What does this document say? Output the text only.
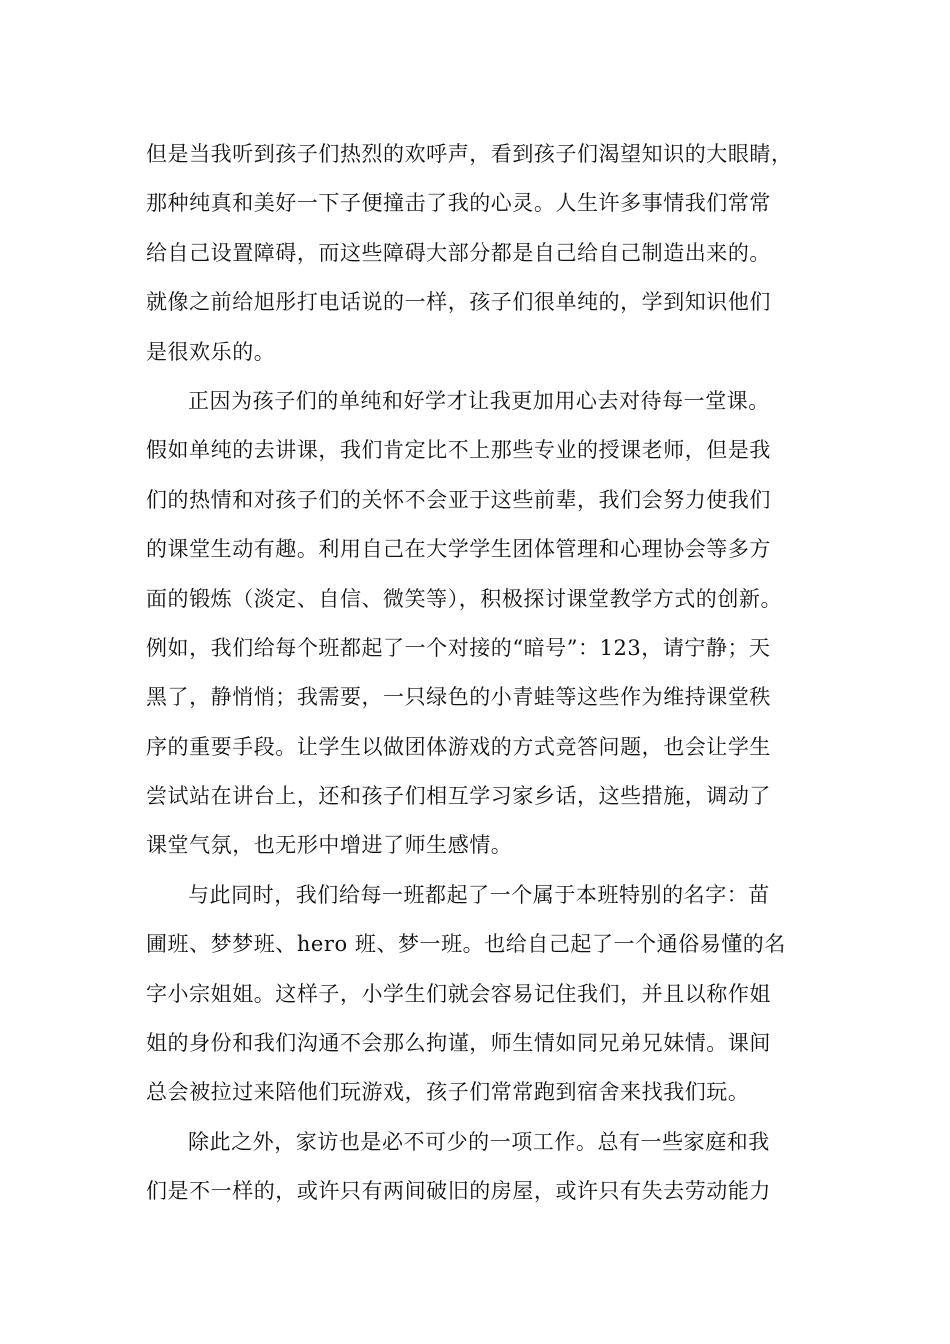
但是当我听到孩子们热烈的欢呼声，看到孩子们渴望知识的大眼睛，
那种纯真和美好一下子便撞击了我的心灵。人生许多事情我们常常
给自己设置障碍，而这些障碍大部分都是自己给自己制造出来的。
就像之前给旭彤打电话说的一样，孩子们很单纯的，学到知识他们
是很欢乐的。
正因为孩子们的单纯和好学才让我更加用心去对待每一堂课。
假如单纯的去讲课，我们肯定比不上那些专业的授课老师，但是我
们的热情和对孩子们的关怀不会亚于这些前辈，我们会努力使我们
的课堂生动有趣。利用自己在大学学生团体管理和心理协会等多方
面的锻炼（淡定、自信、微笑等），积极探讨课堂教学方式的创新。
例如，我们给每个班都起了一个对接的“暗号”：123，请宁静；天
黑了，静悄悄；我需要，一只绿色的小青蛙等这些作为维持课堂秩
序的重要手段。让学生以做团体游戏的方式竞答问题，也会让学生
尝试站在讲台上，还和孩子们相互学习家乡话，这些措施，调动了
课堂气氛，也无形中增进了师生感情。
与此同时，我们给每一班都起了一个属于本班特别的名字：苗
圃班、梦梦班、hero 班、梦一班。也给自己起了一个通俗易懂的名
字小宗姐姐。这样子，小学生们就会容易记住我们，并且以称作姐
姐的身份和我们沟通不会那么拘谨，师生情如同兄弟兄妹情。课间
总会被拉过来陪他们玩游戏，孩子们常常跑到宿舍来找我们玩。
除此之外，家访也是必不可少的一项工作。总有一些家庭和我
们是不一样的，或许只有两间破旧的房屋，或许只有失去劳动能力
